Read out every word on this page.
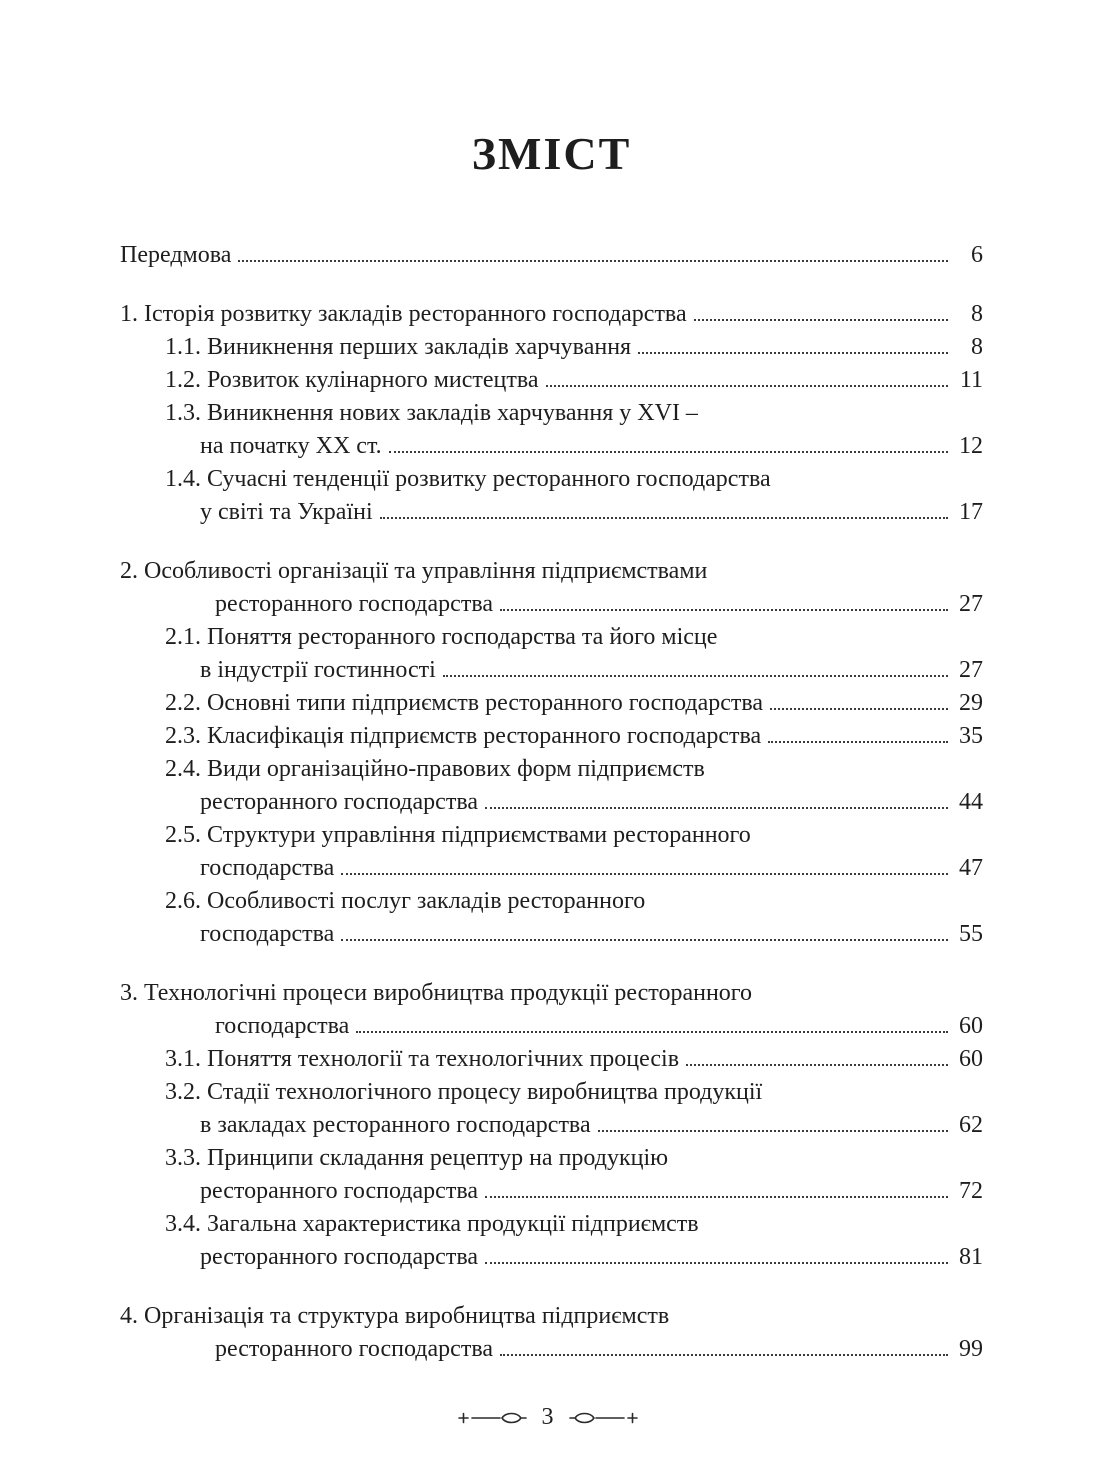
ЗМІСТ
Передмова	6
1. Історія розвитку закладів ресторанного господарства	8
1.1. Виникнення перших закладів харчування	8
1.2. Розвиток кулінарного мистецтва	11
1.3. Виникнення нових закладів харчування у XVI –
на початку XX ст.	12
1.4. Сучасні тенденції розвитку ресторанного господарства
у світі та Україні	17
2. Особливості організації та управління підприємствами
ресторанного господарства	27
2.1. Поняття ресторанного господарства та його місце
в індустрії гостинності	27
2.2. Основні типи підприємств ресторанного господарства	29
2.3. Класифікація підприємств ресторанного господарства	35
2.4. Види організаційно-правових форм підприємств
ресторанного господарства	44
2.5. Структури управління підприємствами ресторанного
господарства	47
2.6. Особливості послуг закладів ресторанного
господарства	55
3. Технологічні процеси виробництва продукції ресторанного
господарства	60
3.1. Поняття технології та технологічних процесів	60
3.2. Стадії технологічного процесу виробництва продукції
в закладах ресторанного господарства	62
3.3. Принципи складання рецептур на продукцію
ресторанного господарства	72
3.4. Загальна характеристика продукції підприємств
ресторанного господарства	81
4. Організація та структура виробництва підприємств
ресторанного господарства	99
3
